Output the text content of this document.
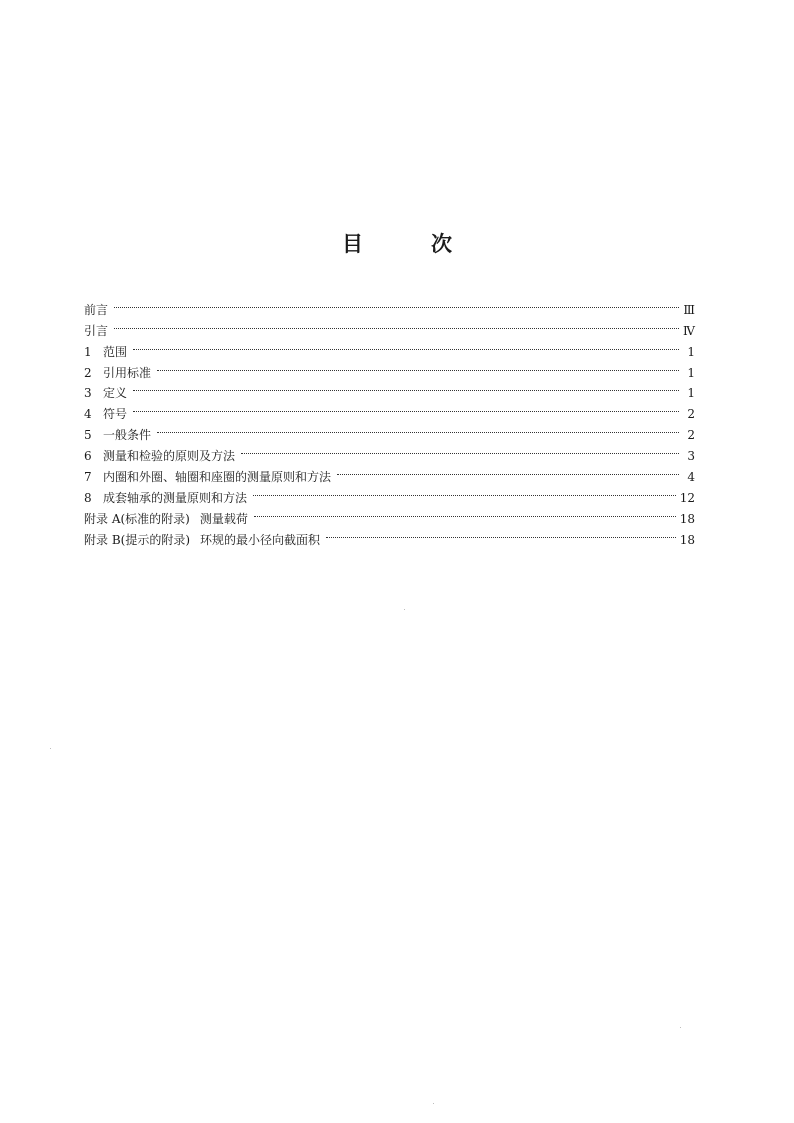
目	次
前言	Ⅲ
引言	Ⅳ
1 范围	1
2 引用标准	1
3 定义	1
4 符号	2
5 一般条件	2
6 测量和检验的原则及方法	3
7 内圈和外圈、轴圈和座圈的测量原则和方法	4
8 成套轴承的测量原则和方法	12
附录 A(标准的附录) 测量载荷	18
附录 B(提示的附录) 环规的最小径向截面积	18
